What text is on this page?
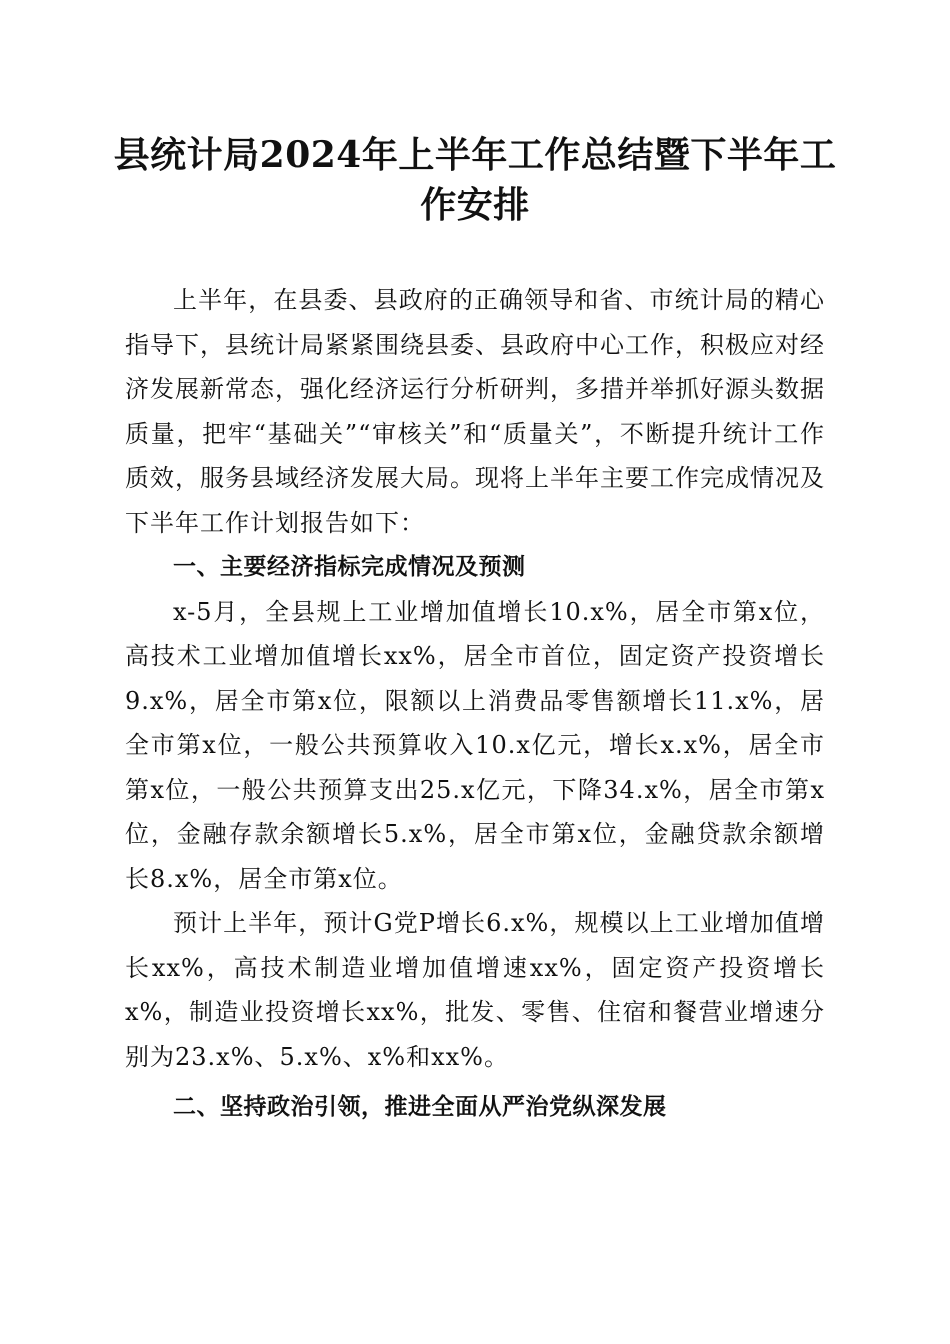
县统计局2024年上半年工作总结暨下半年工作安排

上半年，在县委、县政府的正确领导和省、市统计局的精心指导下，县统计局紧紧围绕县委、县政府中心工作，积极应对经济发展新常态，强化经济运行分析研判，多措并举抓好源头数据质量，把牢“基础关”“审核关”和“质量关”，不断提升统计工作质效，服务县域经济发展大局。现将上半年主要工作完成情况及下半年工作计划报告如下：

一、主要经济指标完成情况及预测

x-5月，全县规上工业增加值增长10.x%，居全市第x位，高技术工业增加值增长xx%，居全市首位，固定资产投资增长9.x%，居全市第x位，限额以上消费品零售额增长11.x%，居全市第x位，一般公共预算收入10.x亿元，增长x.x%，居全市第x位，一般公共预算支出25.x亿元，下降34.x%，居全市第x位，金融存款余额增长5.x%，居全市第x位，金融贷款余额增长8.x%，居全市第x位。

预计上半年，预计G党P增长6.x%，规模以上工业增加值增长xx%，高技术制造业增加值增速xx%，固定资产投资增长x%，制造业投资增长xx%，批发、零售、住宿和餐营业增速分别为23.x%、5.x%、x%和xx%。

二、坚持政治引领，推进全面从严治党纵深发展
